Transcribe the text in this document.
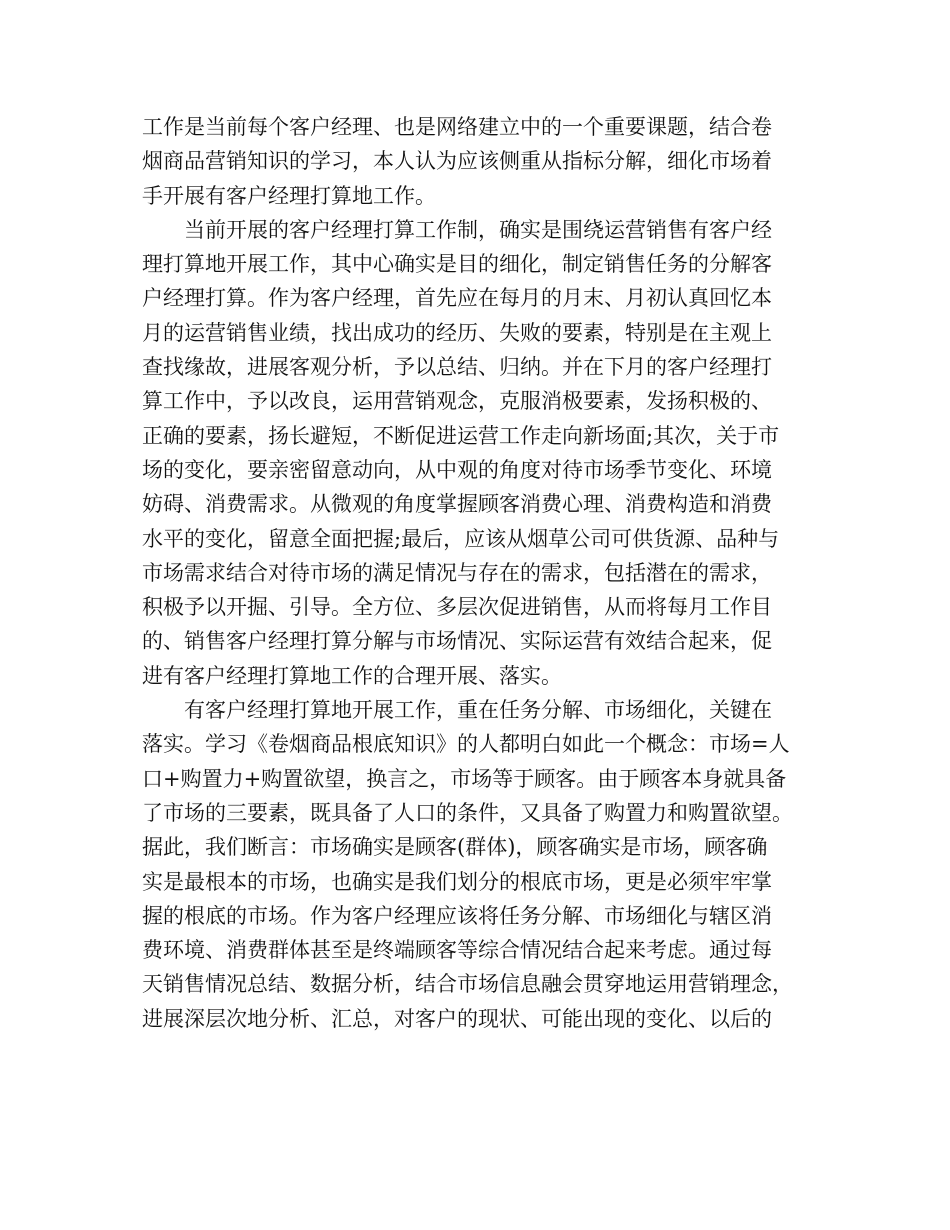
工作是当前每个客户经理、也是网络建立中的一个重要课题，结合卷
烟商品营销知识的学习，本人认为应该侧重从指标分解，细化市场着
手开展有客户经理打算地工作。
　　当前开展的客户经理打算工作制，确实是围绕运营销售有客户经
理打算地开展工作，其中心确实是目的细化，制定销售任务的分解客
户经理打算。作为客户经理，首先应在每月的月末、月初认真回忆本
月的运营销售业绩，找出成功的经历、失败的要素，特别是在主观上
查找缘故，进展客观分析，予以总结、归纳。并在下月的客户经理打
算工作中，予以改良，运用营销观念，克服消极要素，发扬积极的、
正确的要素，扬长避短，不断促进运营工作走向新场面;其次，关于市
场的变化，要亲密留意动向，从中观的角度对待市场季节变化、环境
妨碍、消费需求。从微观的角度掌握顾客消费心理、消费构造和消费
水平的变化，留意全面把握;最后，应该从烟草公司可供货源、品种与
市场需求结合对待市场的满足情况与存在的需求，包括潜在的需求，
积极予以开掘、引导。全方位、多层次促进销售，从而将每月工作目
的、销售客户经理打算分解与市场情况、实际运营有效结合起来，促
进有客户经理打算地工作的合理开展、落实。
　　有客户经理打算地开展工作，重在任务分解、市场细化，关键在
落实。学习《卷烟商品根底知识》的人都明白如此一个概念：市场=人
口+购置力+购置欲望，换言之，市场等于顾客。由于顾客本身就具备
了市场的三要素，既具备了人口的条件，又具备了购置力和购置欲望。
据此，我们断言：市场确实是顾客(群体)，顾客确实是市场，顾客确
实是最根本的市场，也确实是我们划分的根底市场，更是必须牢牢掌
握的根底的市场。作为客户经理应该将任务分解、市场细化与辖区消
费环境、消费群体甚至是终端顾客等综合情况结合起来考虑。通过每
天销售情况总结、数据分析，结合市场信息融会贯穿地运用营销理念，
进展深层次地分析、汇总，对客户的现状、可能出现的变化、以后的
